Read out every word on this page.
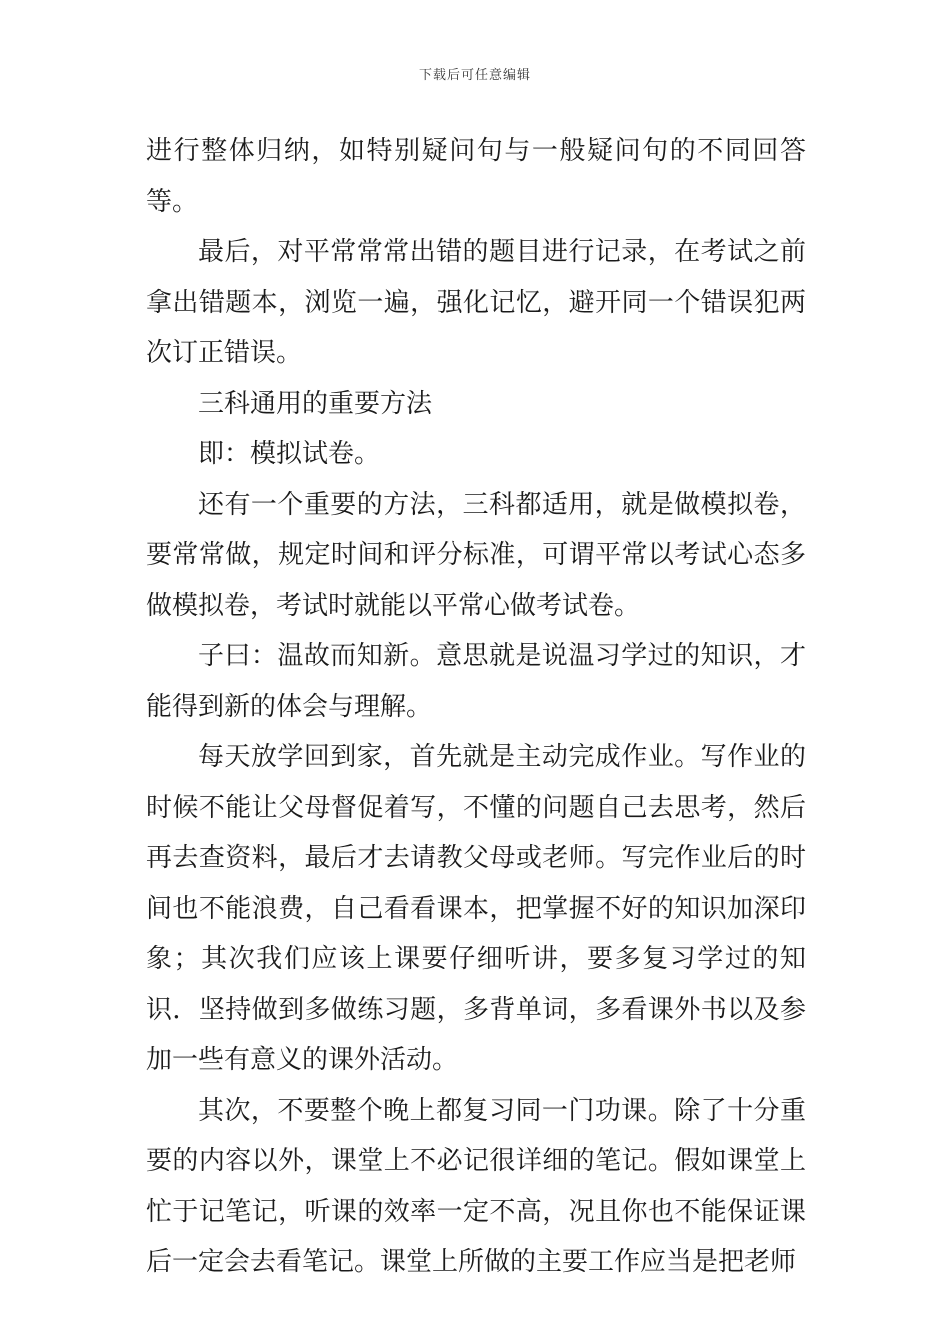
下载后可任意编辑

进行整体归纳，如特别疑问句与一般疑问句的不同回答等。

最后，对平常常常出错的题目进行记录，在考试之前拿出错题本，浏览一遍，强化记忆，避开同一个错误犯两次订正错误。

三科通用的重要方法

即：模拟试卷。

还有一个重要的方法，三科都适用，就是做模拟卷，要常常做，规定时间和评分标准，可谓平常以考试心态多做模拟卷，考试时就能以平常心做考试卷。

子曰：温故而知新。意思就是说温习学过的知识，才能得到新的体会与理解。

每天放学回到家，首先就是主动完成作业。写作业的时候不能让父母督促着写，不懂的问题自己去思考，然后再去查资料，最后才去请教父母或老师。写完作业后的时间也不能浪费，自己看看课本，把掌握不好的知识加深印象；其次我们应该上课要仔细听讲，要多复习学过的知识．坚持做到多做练习题，多背单词，多看课外书以及参加一些有意义的课外活动。

其次，不要整个晚上都复习同一门功课。除了十分重要的内容以外，课堂上不必记很详细的笔记。假如课堂上忙于记笔记，听课的效率一定不高，况且你也不能保证课后一定会去看笔记。课堂上所做的主要工作应当是把老师
